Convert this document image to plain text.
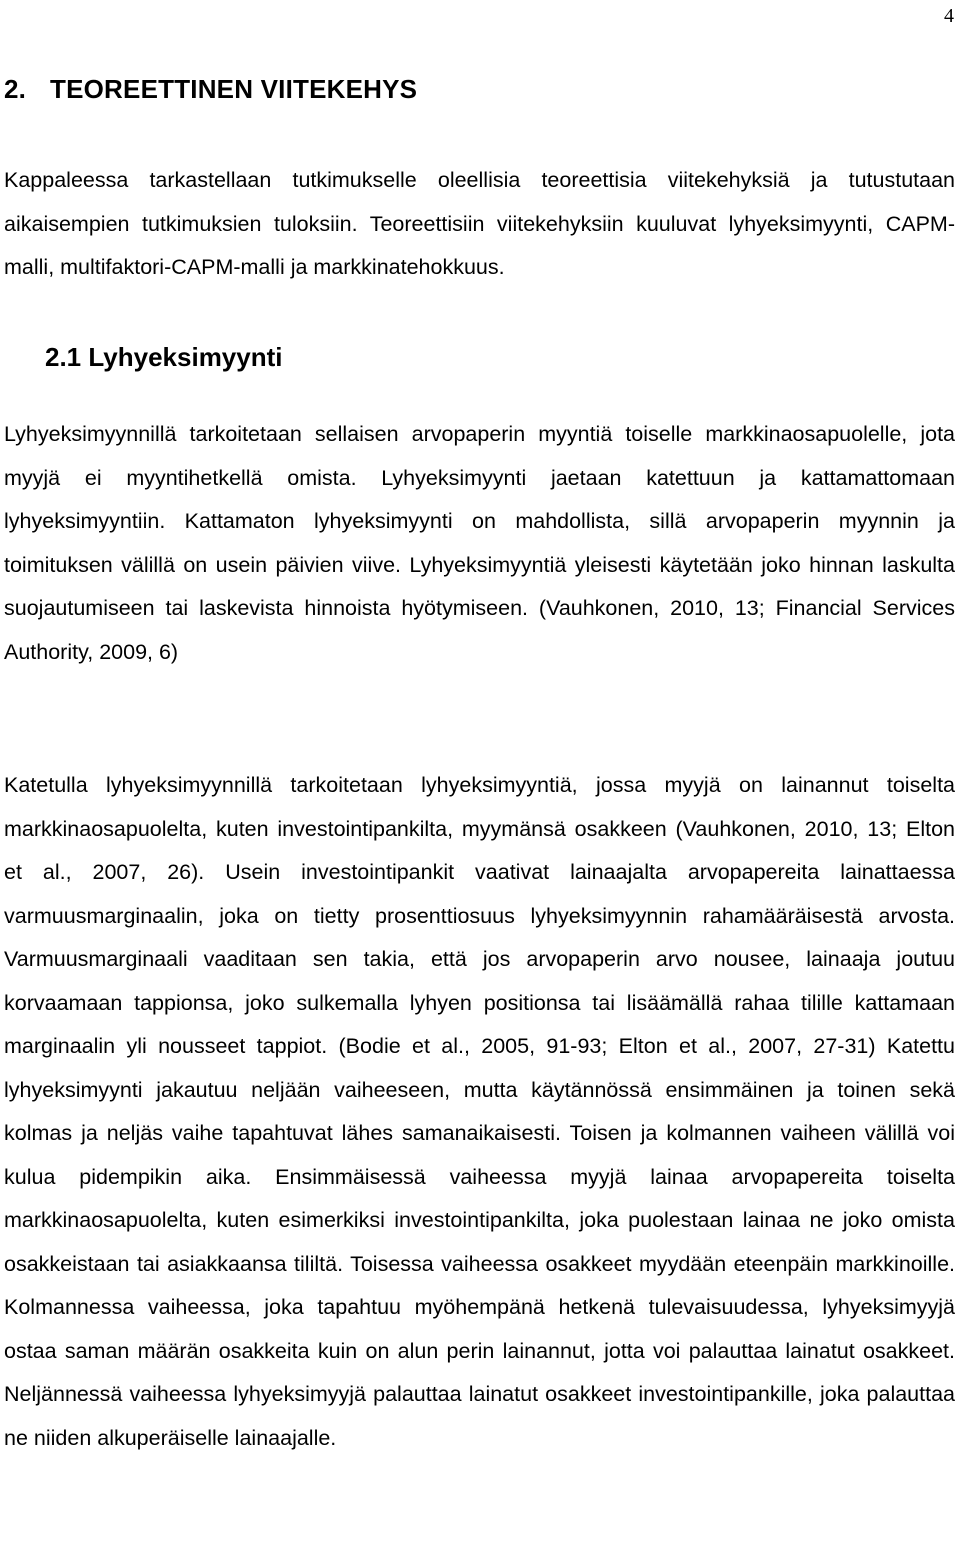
4
2. TEOREETTINEN VIITEKEHYS

Kappaleessa tarkastellaan tutkimukselle oleellisia teoreettisia viitekehyksiä ja tutustutaan aikaisempien tutkimuksien tuloksiin. Teoreettisiin viitekehyksiin kuuluvat lyhyeksimyynti, CAPM-malli, multifaktori-CAPM-malli ja markkinatehokkuus.

2.1 Lyhyeksimyynti

Lyhyeksimyynnillä tarkoitetaan sellaisen arvopaperin myyntiä toiselle markkinaosapuolelle, jota myyjä ei myyntihetkellä omista. Lyhyeksimyynti jaetaan katettuun ja kattamattomaan lyhyeksimyyntiin. Kattamaton lyhyeksimyynti on mahdollista, sillä arvopaperin myynnin ja toimituksen välillä on usein päivien viive. Lyhyeksimyyntiä yleisesti käytetään joko hinnan laskulta suojautumiseen tai laskevista hinnoista hyötymiseen. (Vauhkonen, 2010, 13; Financial Services Authority, 2009, 6)

Katetulla lyhyeksimyynnillä tarkoitetaan lyhyeksimyyntiä, jossa myyjä on lainannut toiselta markkinaosapuolelta, kuten investointipankilta, myymänsä osakkeen (Vauhkonen, 2010, 13; Elton et al., 2007, 26). Usein investointipankit vaativat lainaajalta arvopapereita lainattaessa varmuusmarginaalin, joka on tietty prosenttiosuus lyhyeksimyynnin rahamääräisestä arvosta. Varmuusmarginaali vaaditaan sen takia, että jos arvopaperin arvo nousee, lainaaja joutuu korvaamaan tappionsa, joko sulkemalla lyhyen positionsa tai lisäämällä rahaa tilille kattamaan marginaalin yli nousseet tappiot. (Bodie et al., 2005, 91-93; Elton et al., 2007, 27-31) Katettu lyhyeksimyynti jakautuu neljään vaiheeseen, mutta käytännössä ensimmäinen ja toinen sekä kolmas ja neljäs vaihe tapahtuvat lähes samanaikaisesti. Toisen ja kolmannen vaiheen välillä voi kulua pidempikin aika. Ensimmäisessä vaiheessa myyjä lainaa arvopapereita toiselta markkinaosapuolelta, kuten esimerkiksi investointipankilta, joka puolestaan lainaa ne joko omista osakkeistaan tai asiakkaansa tililtä. Toisessa vaiheessa osakkeet myydään eteenpäin markkinoille. Kolmannessa vaiheessa, joka tapahtuu myöhempänä hetkenä tulevaisuudessa, lyhyeksimyyjä ostaa saman määrän osakkeita kuin on alun perin lainannut, jotta voi palauttaa lainatut osakkeet. Neljännessä vaiheessa lyhyeksimyyjä palauttaa lainatut osakkeet investointipankille, joka palauttaa ne niiden alkuperäiselle lainaajalle.
